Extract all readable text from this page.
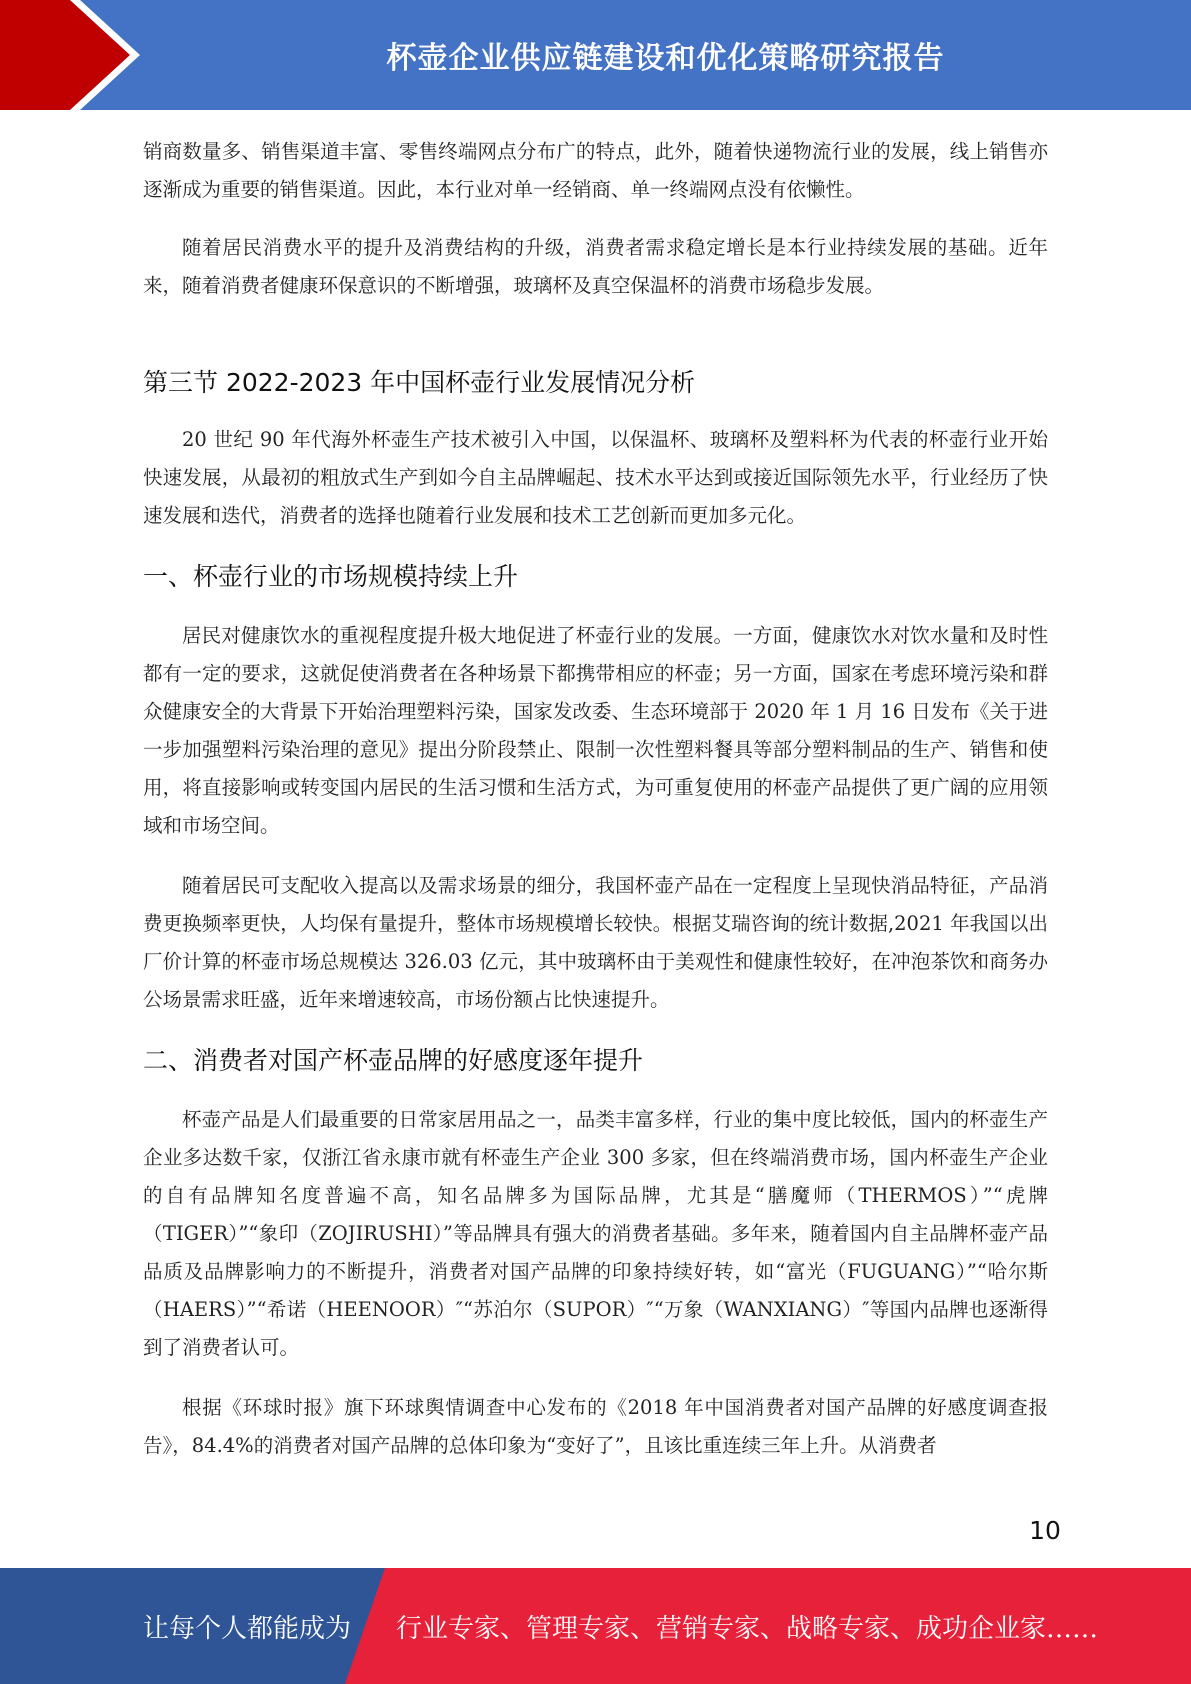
杯壶企业供应链建设和优化策略研究报告

销商数量多、销售渠道丰富、零售终端网点分布广的特点，此外，随着快递物流行业的发展，线上销售亦逐渐成为重要的销售渠道。因此，本行业对单一经销商、单一终端网点没有依懒性。

随着居民消费水平的提升及消费结构的升级，消费者需求稳定增长是本行业持续发展的基础。近年来，随着消费者健康环保意识的不断增强，玻璃杯及真空保温杯的消费市场稳步发展。

第三节 2022-2023 年中国杯壶行业发展情况分析

20 世纪 90 年代海外杯壶生产技术被引入中国，以保温杯、玻璃杯及塑料杯为代表的杯壶行业开始快速发展，从最初的粗放式生产到如今自主品牌崛起、技术水平达到或接近国际领先水平，行业经历了快速发展和迭代，消费者的选择也随着行业发展和技术工艺创新而更加多元化。

一、杯壶行业的市场规模持续上升

居民对健康饮水的重视程度提升极大地促进了杯壶行业的发展。一方面，健康饮水对饮水量和及时性都有一定的要求，这就促使消费者在各种场景下都携带相应的杯壶；另一方面，国家在考虑环境污染和群众健康安全的大背景下开始治理塑料污染，国家发改委、生态环境部于 2020 年 1 月 16 日发布《关于进一步加强塑料污染治理的意见》提出分阶段禁止、限制一次性塑料餐具等部分塑料制品的生产、销售和使用，将直接影响或转变国内居民的生活习惯和生活方式，为可重复使用的杯壶产品提供了更广阔的应用领域和市场空间。

随着居民可支配收入提高以及需求场景的细分，我国杯壶产品在一定程度上呈现快消品特征，产品消费更换频率更快，人均保有量提升，整体市场规模增长较快。根据艾瑞咨询的统计数据,2021 年我国以出厂价计算的杯壶市场总规模达 326.03 亿元，其中玻璃杯由于美观性和健康性较好，在冲泡茶饮和商务办公场景需求旺盛，近年来增速较高，市场份额占比快速提升。

二、消费者对国产杯壶品牌的好感度逐年提升

杯壶产品是人们最重要的日常家居用品之一，品类丰富多样，行业的集中度比较低，国内的杯壶生产企业多达数千家，仅浙江省永康市就有杯壶生产企业 300 多家，但在终端消费市场，国内杯壶生产企业的自有品牌知名度普遍不高，知名品牌多为国际品牌，尤其是“膳魔师（THERMOS）”“虎牌（TIGER）”“象印（ZOJIRUSHI）”等品牌具有强大的消费者基础。多年来，随着国内自主品牌杯壶产品品质及品牌影响力的不断提升，消费者对国产品牌的印象持续好转，如“富光（FUGUANG）”“哈尔斯（HAERS）”“希诺（HEENOOR）″“苏泊尔（SUPOR）″“万象（WANXIANG）″等国内品牌也逐渐得到了消费者认可。

根据《环球时报》旗下环球舆情调查中心发布的《2018 年中国消费者对国产品牌的好感度调查报告》，84.4%的消费者对国产品牌的总体印象为“变好了”，且该比重连续三年上升。从消费者

10
让每个人都能成为 行业专家、管理专家、营销专家、战略专家、成功企业家……
